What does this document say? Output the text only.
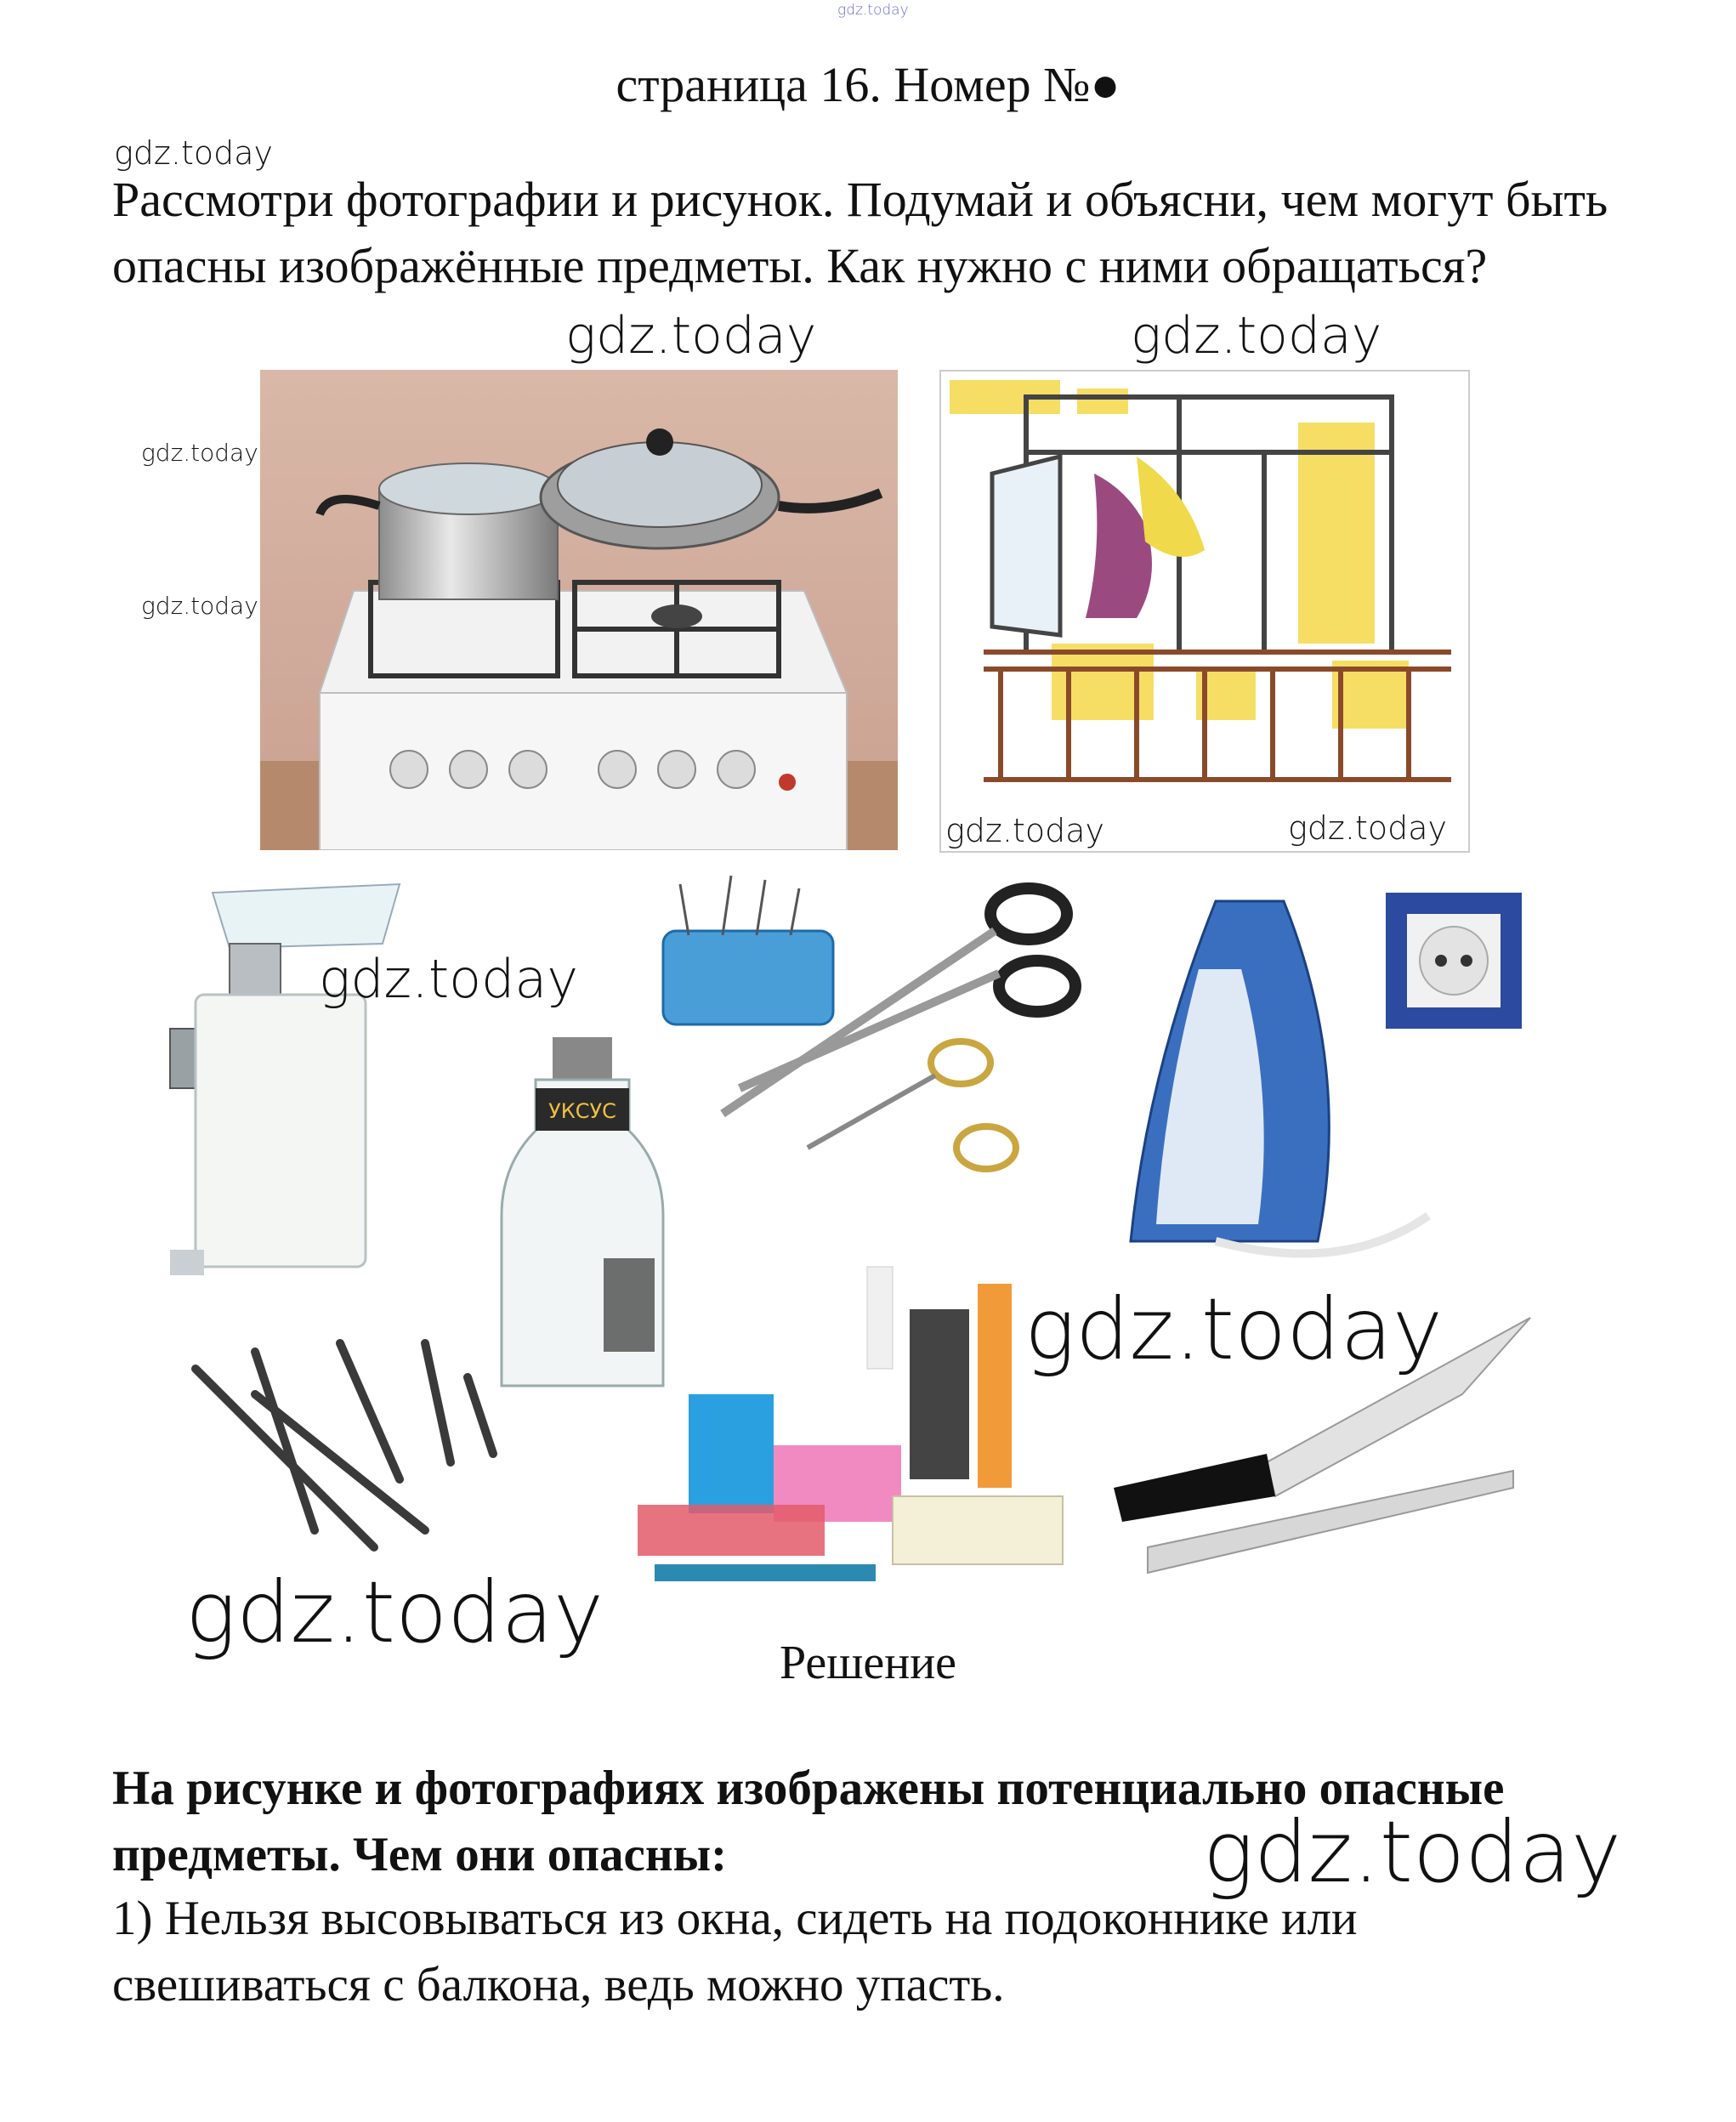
gdz.today
страница 16. Номер №●
gdz.today
Рассмотри фотографии и рисунок. Подумай и объясни, чем могут быть опасны изображённые предметы. Как нужно с ними обращаться?
gdz.today	gdz.today
gdz.today
gdz.today
gdz.today	gdz.today
УКСУС
gdz.today
gdz.today
gdz.today
Решение
На рисунке и фотографиях изображены потенциально опасные предметы. Чем они опасны:	gdz.today
1) Нельзя высовываться из окна, сидеть на подоконнике или свешиваться с балкона, ведь можно упасть.
